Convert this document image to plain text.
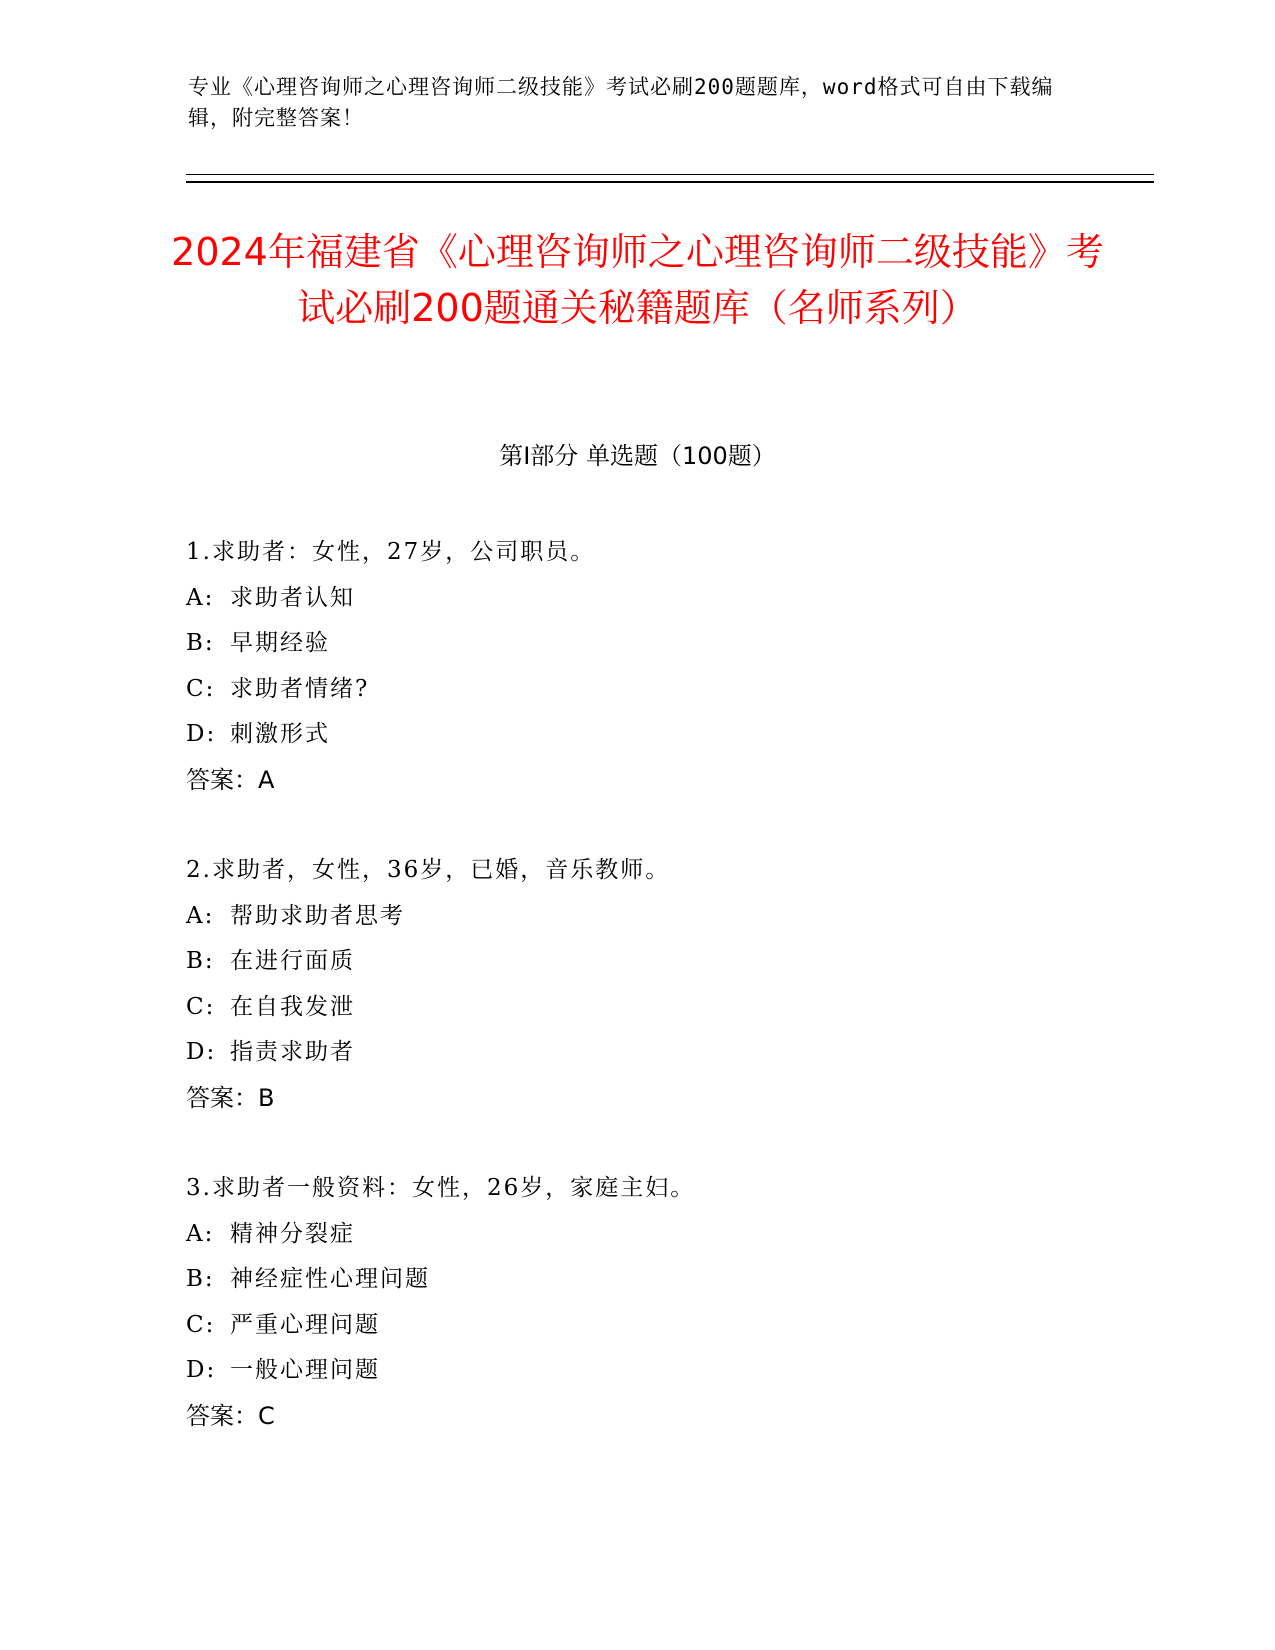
专业《心理咨询师之心理咨询师二级技能》考试必刷200题题库，word格式可自由下载编辑，附完整答案！
2024年福建省《心理咨询师之心理咨询师二级技能》考试必刷200题通关秘籍题库（名师系列）
第I部分 单选题（100题）
1.求助者：女性，27岁，公司职员。
A: 求助者认知
B: 早期经验
C: 求助者情绪?
D: 刺激形式
答案：A
2.求助者，女性，36岁，已婚，音乐教师。
A: 帮助求助者思考
B: 在进行面质
C: 在自我发泄
D: 指责求助者
答案：B
3.求助者一般资料：女性，26岁，家庭主妇。
A: 精神分裂症
B: 神经症性心理问题
C: 严重心理问题
D: 一般心理问题
答案：C
